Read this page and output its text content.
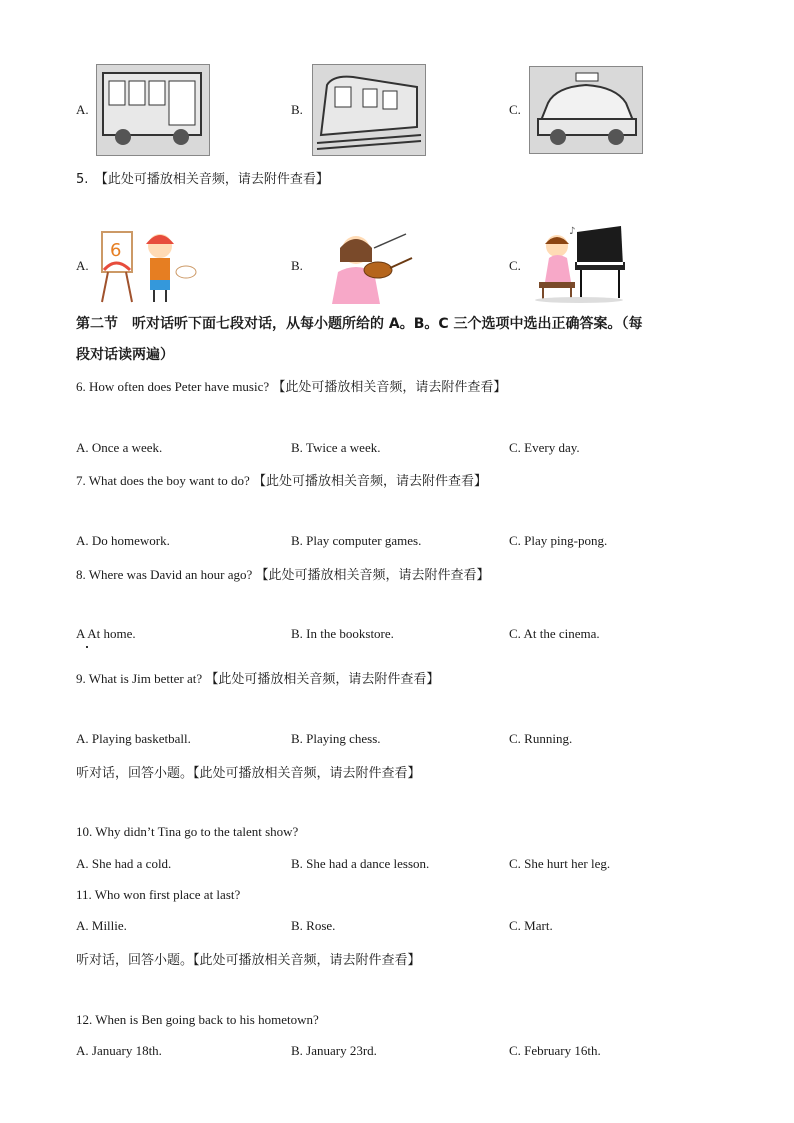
A.	B.	C.
5.　【此处可播放相关音频，请去附件查看】
A.
6
B.	C.
♪
第二节　听对话听下面七段对话，从每小题所给的 A。B。C 三个选项中选出正确答案。（每
段对话读两遍）
6. How often does Peter have music? 【此处可播放相关音频，请去附件查看】
A. Once a week.	B. Twice a week.	C. Every day.
7. What does the boy want to do? 【此处可播放相关音频，请去附件查看】
A. Do homework.	B. Play computer games.	C. Play ping-pong.
8. Where was David an hour ago? 【此处可播放相关音频，请去附件查看】
A At home.	B. In the bookstore.	C. At the cinema.
9. What is Jim better at? 【此处可播放相关音频，请去附件查看】
A. Playing basketball.	B. Playing chess.	C. Running.
听对话，回答小题。【此处可播放相关音频，请去附件查看】
10. Why didn’t Tina go to the talent show?
A. She had a cold.	B. She had a dance lesson.	C. She hurt her leg.
11. Who won first place at last?
A. Millie.	B. Rose.	C. Mart.
听对话，回答小题。【此处可播放相关音频，请去附件查看】
12. When is Ben going back to his hometown?
A. January 18th.	B. January 23rd.	C. February 16th.
